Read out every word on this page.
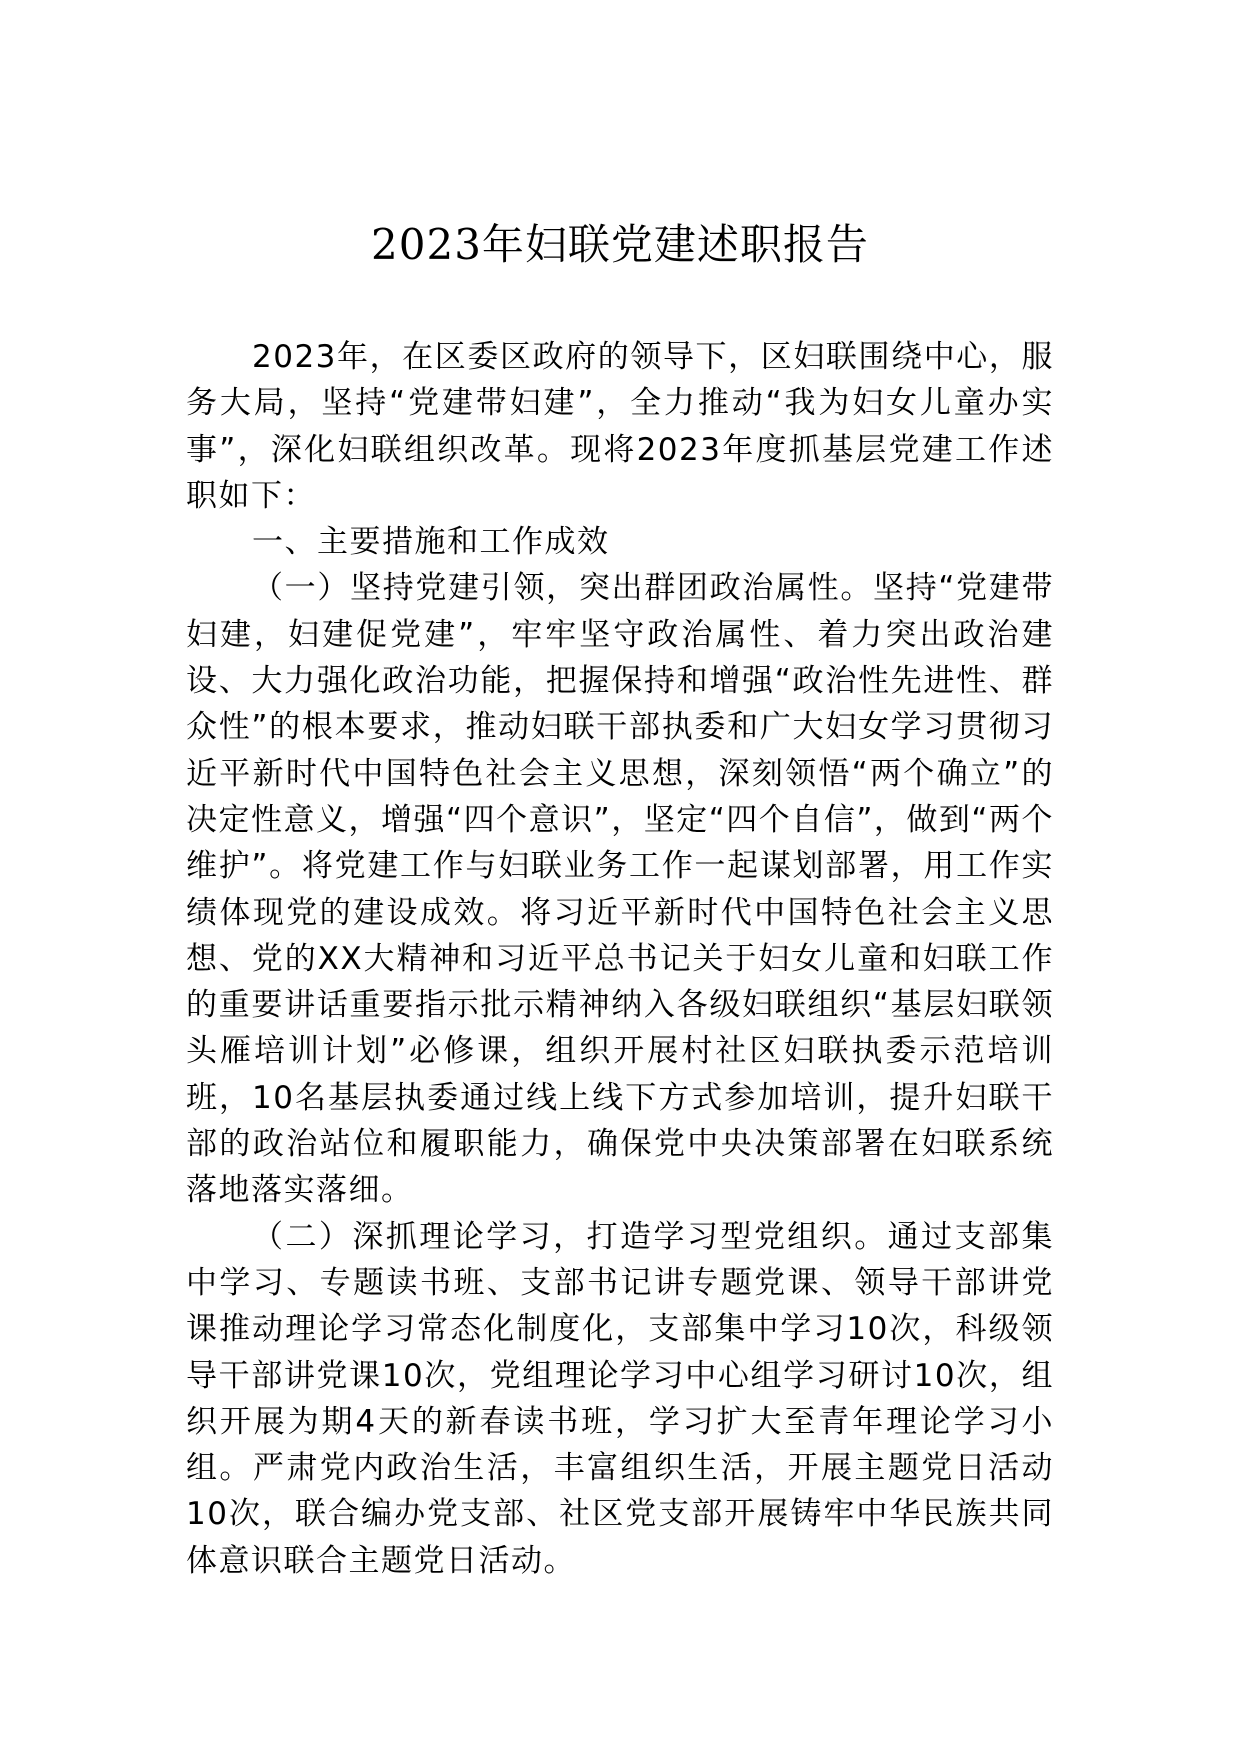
2023年妇联党建述职报告

2023年，在区委区政府的领导下，区妇联围绕中心，服务大局，坚持“党建带妇建”，全力推动“我为妇女儿童办实事”，深化妇联组织改革。现将2023年度抓基层党建工作述职如下：

一、主要措施和工作成效

（一）坚持党建引领，突出群团政治属性。坚持“党建带妇建，妇建促党建”，牢牢坚守政治属性、着力突出政治建设、大力强化政治功能，把握保持和增强“政治性先进性、群众性”的根本要求，推动妇联干部执委和广大妇女学习贯彻习近平新时代中国特色社会主义思想，深刻领悟“两个确立”的决定性意义，增强“四个意识”，坚定“四个自信”，做到“两个维护”。将党建工作与妇联业务工作一起谋划部署，用工作实绩体现党的建设成效。将习近平新时代中国特色社会主义思想、党的XX大精神和习近平总书记关于妇女儿童和妇联工作的重要讲话重要指示批示精神纳入各级妇联组织“基层妇联领头雁培训计划”必修课，组织开展村社区妇联执委示范培训班，10名基层执委通过线上线下方式参加培训，提升妇联干部的政治站位和履职能力，确保党中央决策部署在妇联系统落地落实落细。

（二）深抓理论学习，打造学习型党组织。通过支部集中学习、专题读书班、支部书记讲专题党课、领导干部讲党课推动理论学习常态化制度化，支部集中学习10次，科级领导干部讲党课10次，党组理论学习中心组学习研讨10次，组织开展为期4天的新春读书班，学习扩大至青年理论学习小组。严肃党内政治生活，丰富组织生活，开展主题党日活动10次，联合编办党支部、社区党支部开展铸牢中华民族共同体意识联合主题党日活动。
